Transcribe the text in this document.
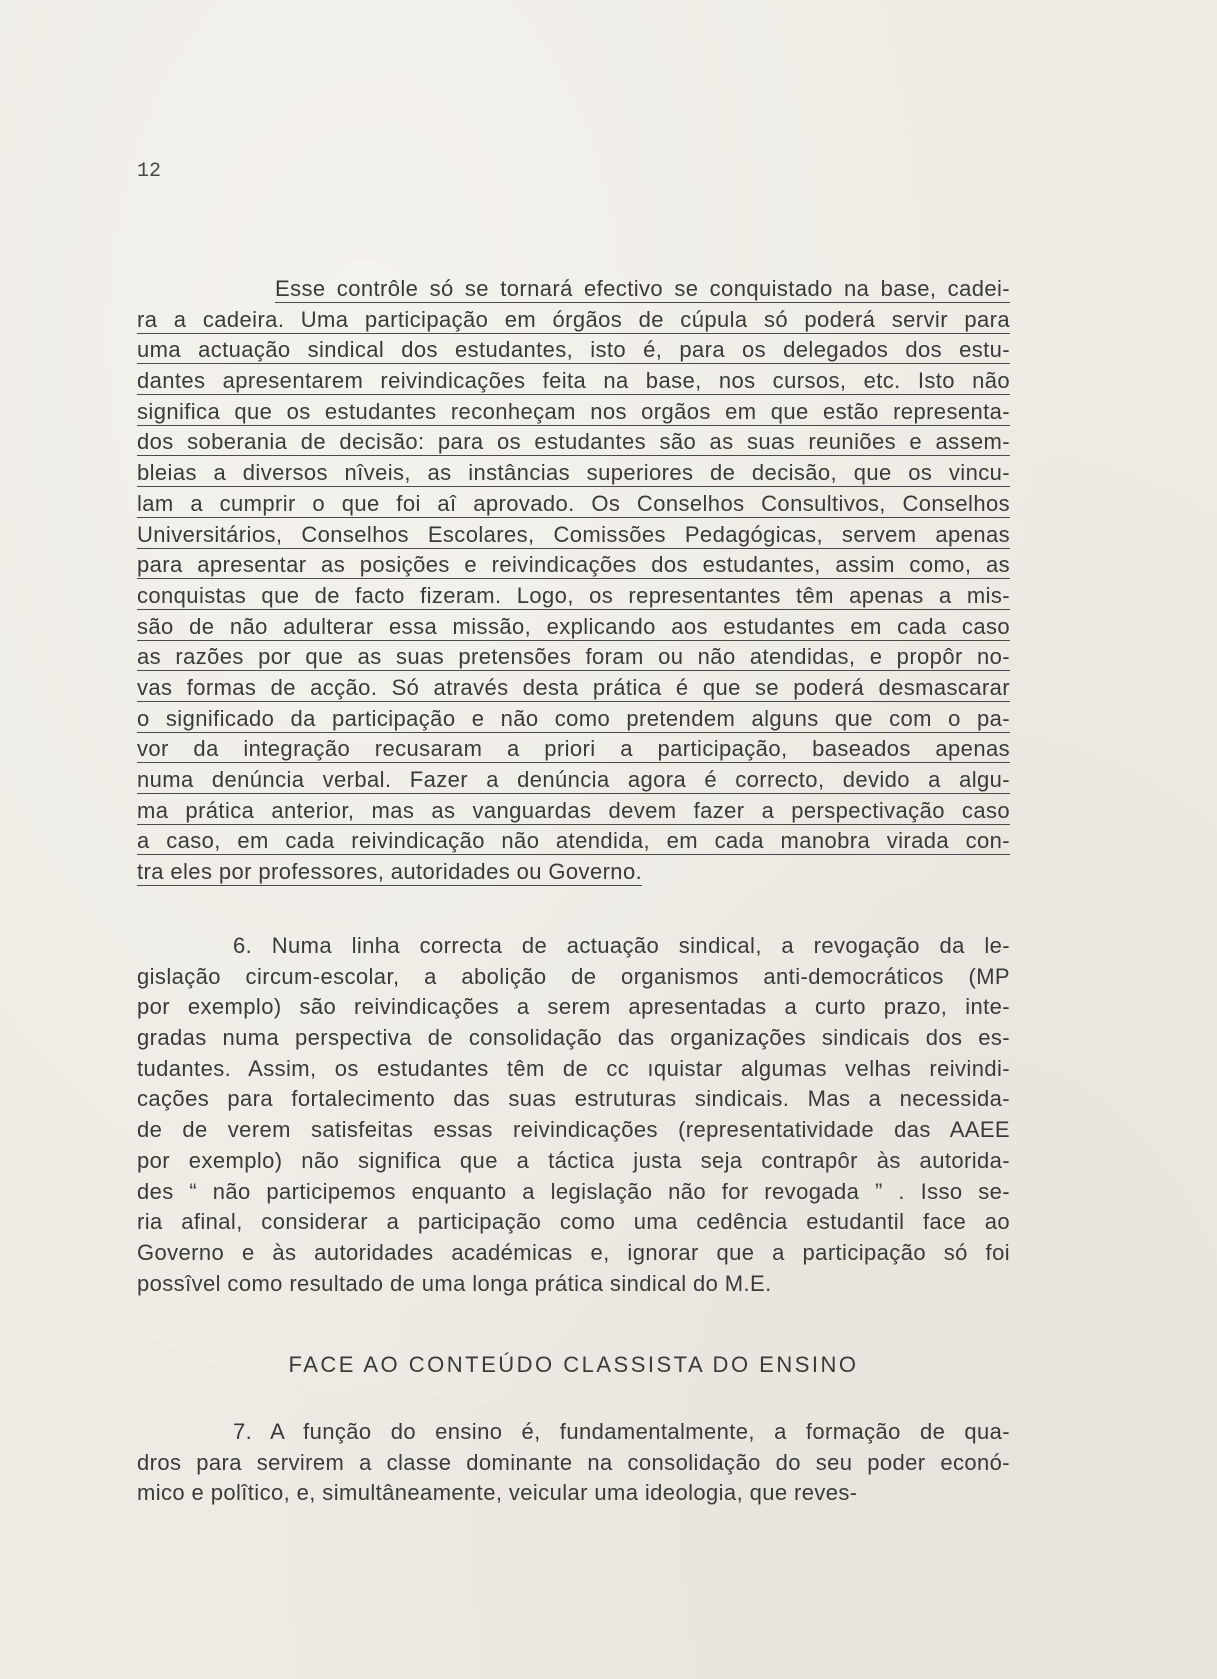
12
Esse contrôle só se tornará efectivo se conquistado na base, cadei-
ra a cadeira. Uma participação em órgãos de cúpula só poderá servir para
uma actuação sindical dos estudantes, isto é, para os delegados dos estu-
dantes apresentarem reivindicações feita na base, nos cursos, etc. Isto não
significa que os estudantes reconheçam nos orgãos em que estão representa-
dos soberania de decisão: para os estudantes são as suas reuniões e assem-
bleias a diversos nîveis, as instâncias superiores de decisão, que os vincu-
lam a cumprir o que foi aî aprovado. Os Conselhos Consultivos, Conselhos
Universitários, Conselhos Escolares, Comissões Pedagógicas, servem apenas
para apresentar as posições e reivindicações dos estudantes, assim como, as
conquistas que de facto fizeram. Logo, os representantes têm apenas a mis-
são de não adulterar essa missão, explicando aos estudantes em cada caso
as razões por que as suas pretensões foram ou não atendidas, e propôr no-
vas formas de acção. Só através desta prática é que se poderá desmascarar
o significado da participação e não como pretendem alguns que com o pa-
vor da integração recusaram a priori a participação, baseados apenas
numa denúncia verbal. Fazer a denúncia agora é correcto, devido a algu-
ma prática anterior, mas as vanguardas devem fazer a perspectivação caso
a caso, em cada reivindicação não atendida, em cada manobra virada con-
tra eles por professores, autoridades ou Governo.
6. Numa linha correcta de actuação sindical, a revogação da le-
gislação circum-escolar, a abolição de organismos anti-democráticos (MP
por exemplo) são reivindicações a serem apresentadas a curto prazo, inte-
gradas numa perspectiva de consolidação das organizações sindicais dos es-
tudantes. Assim, os estudantes têm de cc ıquistar algumas velhas reivindi-
cações para fortalecimento das suas estruturas sindicais. Mas a necessida-
de de verem satisfeitas essas reivindicações (representatividade das AAEE
por exemplo) não significa que a táctica justa seja contrapôr às autorida-
des “ não participemos enquanto a legislação não for revogada ” . Isso se-
ria afinal, considerar a participação como uma cedência estudantil face ao
Governo e às autoridades académicas e, ignorar que a participação só foi
possîvel como resultado de uma longa prática sindical do M.E.
FACE AO CONTEÚDO CLASSISTA DO ENSINO
7. A função do ensino é, fundamentalmente, a formação de qua-
dros para servirem a classe dominante na consolidação do seu poder econó-
mico e polîtico, e, simultâneamente, veicular uma ideologia, que reves-
